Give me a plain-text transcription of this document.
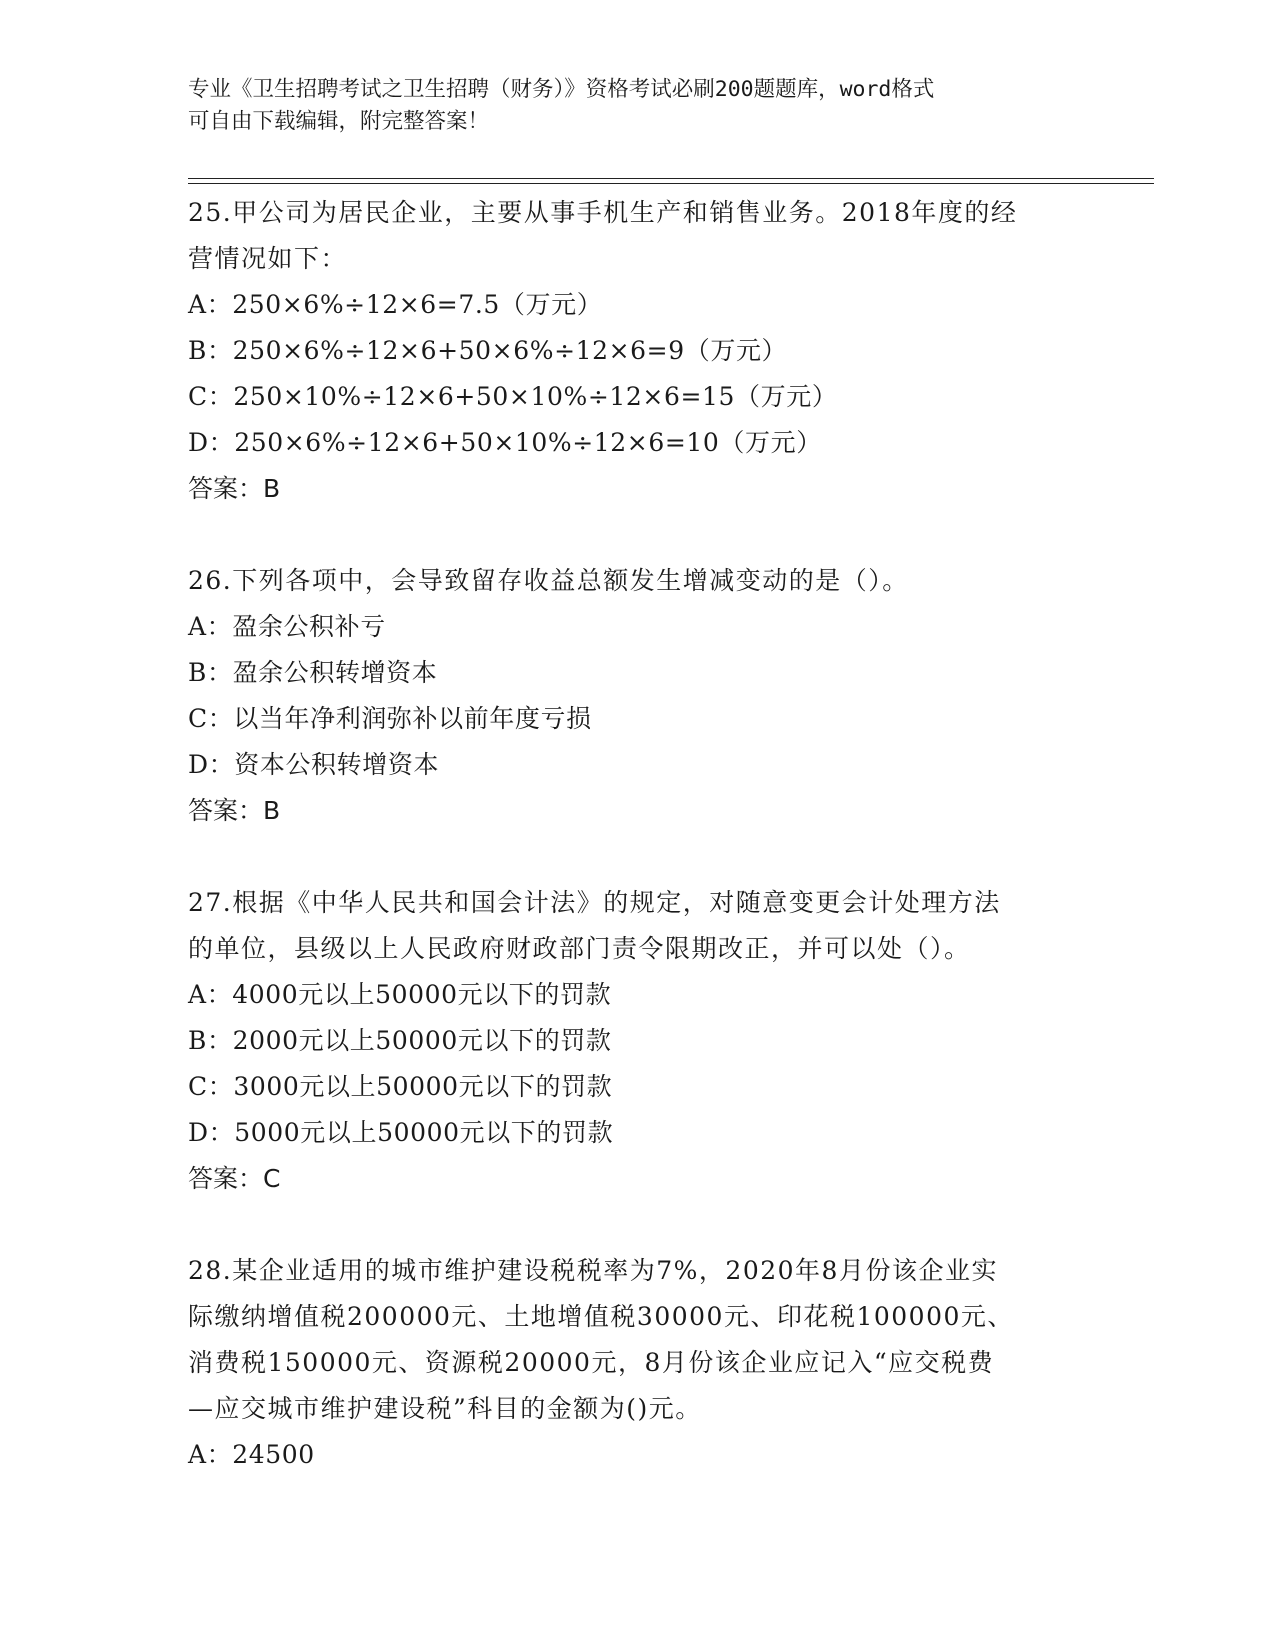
专业《卫生招聘考试之卫生招聘（财务）》资格考试必刷200题题库，word格式
可自由下载编辑，附完整答案！
25.甲公司为居民企业，主要从事手机生产和销售业务。2018年度的经
营情况如下：
A：250×6%÷12×6=7.5（万元）
B：250×6%÷12×6+50×6%÷12×6=9（万元）
C：250×10%÷12×6+50×10%÷12×6=15（万元）
D：250×6%÷12×6+50×10%÷12×6=10（万元）
答案：B
26.下列各项中，会导致留存收益总额发生增减变动的是（）。
A：盈余公积补亏
B：盈余公积转增资本
C：以当年净利润弥补以前年度亏损
D：资本公积转增资本
答案：B
27.根据《中华人民共和国会计法》的规定，对随意变更会计处理方法
的单位，县级以上人民政府财政部门责令限期改正，并可以处（）。
A：4000元以上50000元以下的罚款
B：2000元以上50000元以下的罚款
C：3000元以上50000元以下的罚款
D：5000元以上50000元以下的罚款
答案：C
28.某企业适用的城市维护建设税税率为7%，2020年8月份该企业实
际缴纳增值税200000元、土地增值税30000元、印花税100000元、
消费税150000元、资源税20000元，8月份该企业应记入“应交税费
—应交城市维护建设税”科目的金额为()元。
A：24500
